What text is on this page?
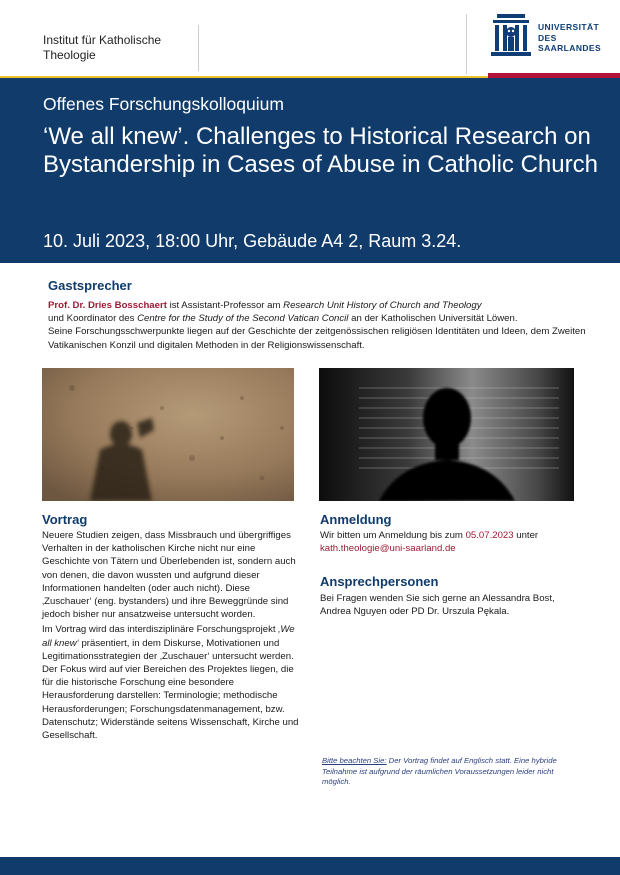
Institut für Katholische
Theologie
UNIVERSITÄT
DES
SAARLANDES
Offenes Forschungskolloquium
‘We all knew’. Challenges to Historical Research on Bystandership in Cases of Abuse in Catholic Church
10. Juli 2023, 18:00 Uhr, Gebäude A4 2, Raum 3.24.
Gastsprecher
Prof. Dr. Dries Bosschaert ist Assistant-Professor am Research Unit History of Church and Theology
und Koordinator des Centre for the Study of the Second Vatican Concil an der Katholischen Universität Löwen.
Seine Forschungsschwerpunkte liegen auf der Geschichte der zeitgenössischen religiösen Identitäten und Ideen, dem Zweiten Vatikanischen Konzil und digitalen Methoden in der Religionswissenschaft.
Vortrag
Neuere Studien zeigen, dass Missbrauch und übergriffiges Verhalten in der katholischen Kirche nicht nur eine Geschichte von Tätern und Überlebenden ist, sondern auch von denen, die davon wussten und aufgrund dieser Informationen handelten (oder auch nicht). Diese ‚Zuschauer‘ (eng. bystanders) und ihre Beweggründe sind jedoch bisher nur ansatzweise untersucht worden.
Im Vortrag wird das interdisziplinäre Forschungsprojekt ‚We all knew‘ präsentiert, in dem Diskurse, Motivationen und Legitimationsstrategien der ‚Zuschauer‘ untersucht werden. Der Fokus wird auf vier Bereichen des Projektes liegen, die für die historische Forschung eine besondere Herausforderung darstellen: Terminologie; methodische Herausforderungen; Forschungsdatenmanagement, bzw. Datenschutz; Widerstände seitens Wissenschaft, Kirche und Gesellschaft.
Anmeldung
Wir bitten um Anmeldung bis zum 05.07.2023 unter
kath.theologie@uni-saarland.de
Ansprechpersonen
Bei Fragen wenden Sie sich gerne an Alessandra Bost, Andrea Nguyen oder PD Dr. Urszula Pękala.
Bitte beachten Sie: Der Vortrag findet auf Englisch statt. Eine hybride Teilnahme ist aufgrund der räumlichen Voraussetzungen leider nicht möglich.
